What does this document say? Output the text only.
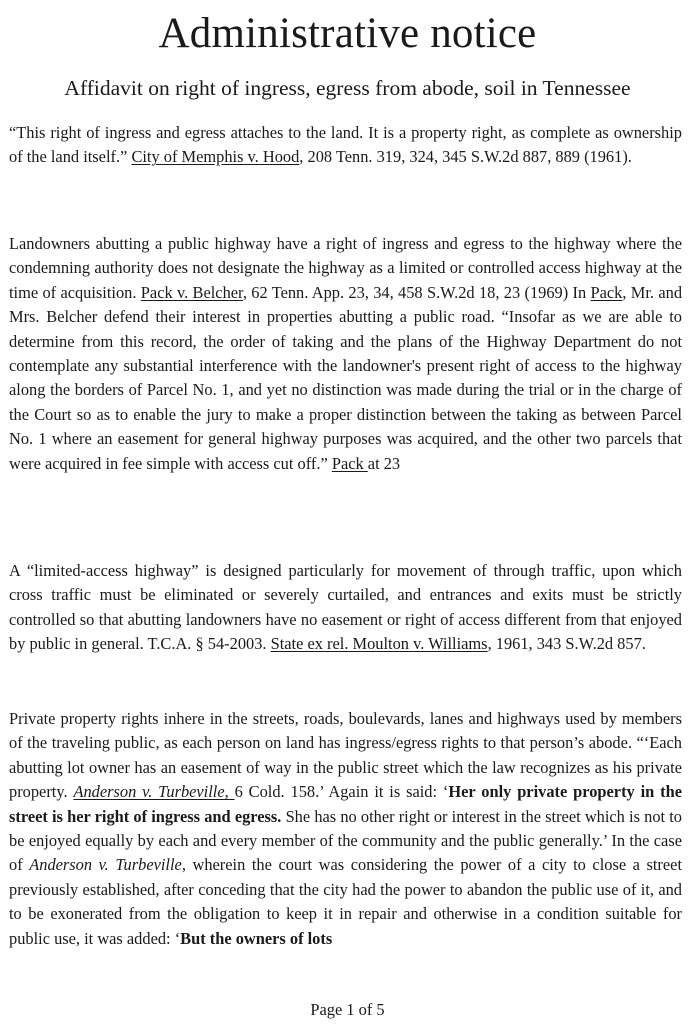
Administrative notice
Affidavit on right of ingress, egress from abode, soil in Tennessee

“This right of ingress and egress attaches to the land. It is a property right, as complete as ownership of the land itself.” City of Memphis v. Hood, 208 Tenn. 319, 324, 345 S.W.2d 887, 889 (1961).

Landowners abutting a public highway have a right of ingress and egress to the highway where the condemning authority does not designate the highway as a limited or controlled access highway at the time of acquisition. Pack v. Belcher, 62 Tenn. App. 23, 34, 458 S.W.2d 18, 23 (1969) In Pack, Mr. and Mrs. Belcher defend their interest in properties abutting a public road. “Insofar as we are able to determine from this record, the order of taking and the plans of the Highway Department do not contemplate any substantial interference with the landowner's present right of access to the highway along the borders of Parcel No. 1, and yet no distinction was made during the trial or in the charge of the Court so as to enable the jury to make a proper distinction between the taking as between Parcel No. 1 where an easement for general highway purposes was acquired, and the other two parcels that were acquired in fee simple with access cut off.” Pack at 23

A “limited-access highway” is designed particularly for movement of through traffic, upon which cross traffic must be eliminated or severely curtailed, and entrances and exits must be strictly controlled so that abutting landowners have no easement or right of access different from that enjoyed by public in general. T.C.A. § 54-2003. State ex rel. Moulton v. Williams, 1961, 343 S.W.2d 857.

Private property rights inhere in the streets, roads, boulevards, lanes and highways used by members of the traveling public, as each person on land has ingress/egress rights to that person’s abode. “‘Each abutting lot owner has an easement of way in the public street which the law recognizes as his private property. Anderson v. Turbeville, 6 Cold. 158.’ Again it is said: ‘Her only private property in the street is her right of ingress and egress. She has no other right or interest in the street which is not to be enjoyed equally by each and every member of the community and the public generally.’ In the case of Anderson v. Turbeville, wherein the court was considering the power of a city to close a street previously established, after conceding that the city had the power to abandon the public use of it, and to be exonerated from the obligation to keep it in repair and otherwise in a condition suitable for public use, it was added: ‘But the owners of lots

Page 1 of 5
